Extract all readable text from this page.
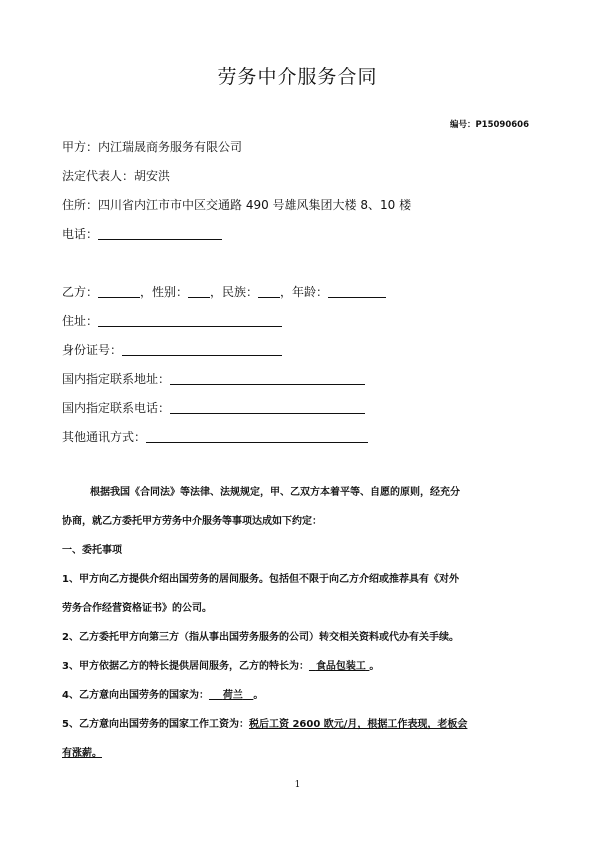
劳务中介服务合同
编号：P15090606
甲方：内江瑞晟商务服务有限公司
法定代表人：胡安洪
住所：四川省内江市市中区交通路 490 号雄风集团大楼 8、10 楼
电话：
乙方：	，性别： ，民族： ，年龄：
住址：
身份证号：
国内指定联系地址：
国内指定联系电话：
其他通讯方式：

根据我国《合同法》等法律、法规规定，甲、乙双方本着平等、自愿的原则，经充分

协商，就乙方委托甲方劳务中介服务等事项达成如下约定：

一、委托事项

1、甲方向乙方提供介绍出国劳务的居间服务。包括但不限于向乙方介绍或推荐具有《对外

劳务合作经营资格证书》的公司。

2、乙方委托甲方向第三方（指从事出国劳务服务的公司）转交相关资料或代办有关手续。

3、甲方依据乙方的特长提供居间服务，乙方的特长为： 食品包装工 。

4、乙方意向出国劳务的国家为： 荷兰 。

5、乙方意向出国劳务的国家工作工资为：税后工资 2600 欧元/月，根据工作表现，老板会

有涨薪。

1
